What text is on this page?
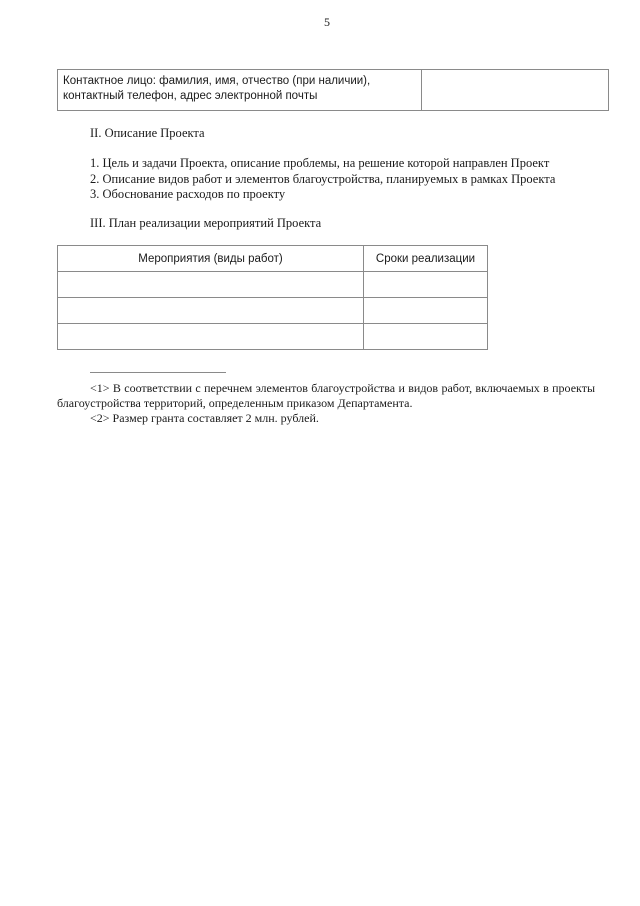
5
Контактное лицо: фамилия, имя, отчество (при наличии),
контактный телефон, адрес электронной почты	
II. Описание Проекта
1. Цель и задачи Проекта, описание проблемы, на решение которой направлен Проект
2. Описание видов работ и элементов благоустройства, планируемых в рамках Проекта
3. Обоснование расходов по проекту
III. План реализации мероприятий Проекта
Мероприятия (виды работ)	Сроки реализации

<1> В соответствии с перечнем элементов благоустройства и видов работ, включаемых в проекты благоустройства территорий, определенным приказом Департамента.
<2> Размер гранта составляет 2 млн. рублей.
